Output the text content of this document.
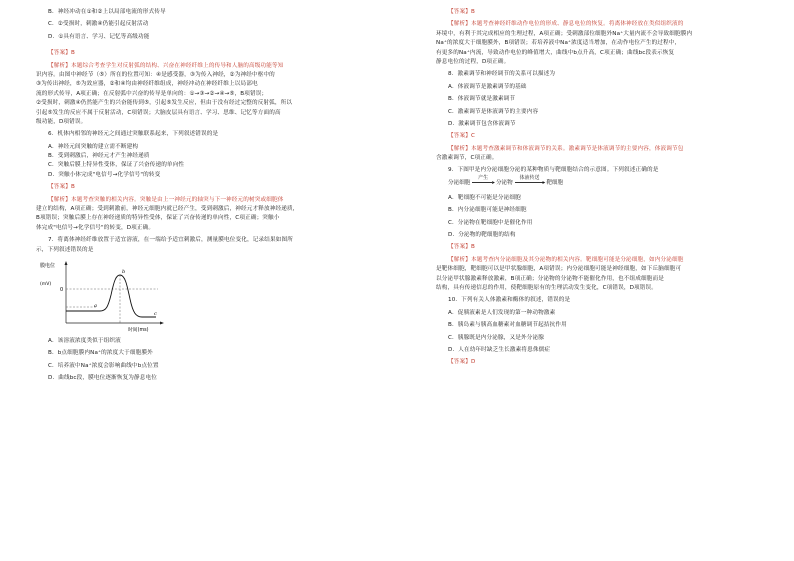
B．神经冲动在①和②上以局部电流的形式传导
C．②受损时，刺激④仍能引起反射活动
D．①具有语言、学习、记忆等高级功能
【答案】B
【解析】本题综合考查学生对反射弧的结构、兴奋在神经纤维上的传导和人脑的高级功能等知
识内容。由图中神经节（⑤）所在的位置可知：④是感受器，③为传入神经，②为神经中枢中的
③为传出神经，⑤为效应器，②和④均由神经纤维组成，神经冲动在神经纤维上以局部电
流的形式传导，A项正确；在反射弧中兴奋的传导是单向的：①→③→②→④→⑤，B项错误；
②受损时，刺激④仍然能产生的兴奋能传到⑤，引起⑤发生反应，但由于没有经过完整的反射弧，所以
引起⑤发生的反应不属于反射活动，C项错误；大脑皮层具有语言、学习、思维、记忆等方面的高
级功能，D项错误。
6．机体内相邻的神经元之间通过突触联系起来，下列叙述错误的是
A．神经元间突触的建立需不断建构
B．受到刺激后，神经元才产生神经递质
C．突触后膜上特异性受体，保证了兴奋传递的单向性
D．突触小体完成"电信号→化学信号"的转变
【答案】B
【解析】本题考查突触的相关内容。突触是由上一神经元的轴突与下一神经元的树突或细胞体
建立的结构，A项正确；受到刺激前，神经元细胞内就已经产生，受到刺激后，神经元才释放神经递质，
B项错误；突触后膜上存在神经递质的特异性受体，保证了兴奋传递的单向性，C项正确；突触小
体完成"电信号→化学信号"的转变，D项正确。
7．将离体神经纤维放置于适宜溶液，在一端给予适宜刺激后，测量膜电位变化，记录结果如图所
示，下列叙述错误的是
膜电位
(mV)
0
a
b
c
时间(ms)
A．该溶液浓度类似于组织液
B．b点细胞膜内Na⁺的浓度大于细胞膜外
C．培养液中Na⁺浓度会影响曲线中b点位置
D．曲线bc段，膜电位逐渐恢复为静息电位
【答案】B
【解析】本题考查神经纤维动作电位的形成、静息电位的恢复。将离体神经放在类似组织液的
环境中，有利于其完成相应的生理过程，A项正确；受刺激部位细胞外Na⁺大量内流不会导致细胞膜内
Na⁺的浓度大于细胞膜外，B项错误；若培养液中Na⁺浓度适当增加，在动作电位产生的过程中，
有更多的Na⁺内流，导致动作电位的峰值增大，曲线中b点升高，C项正确；曲线bc段表示恢复
静息电位的过程，D项正确。
8．激素调节和神经调节的关系可以描述为
A．体液调节是激素调节的基础
B．体液调节就是激素调节
C．激素调节是体液调节的主要内容
D．激素调节包含体液调节
【答案】C
【解析】本题考查激素调节和体液调节的关系。激素调节是体液调节的主要内容，体液调节包
含激素调节，C项正确。
9．下图甲是内分泌细胞分泌的某种物质与靶细胞结合的示意图。下列叙述正确的是
分泌细胞
产生
▸ 分泌物
体液传送
▸ 靶细胞
A．靶细胞不可能是分泌细胞
B．内分泌细胞可能是神经细胞
C．分泌物在靶细胞中是催化作用
D．分泌物的靶细胞的结构
【答案】B
【解析】本题考查内分泌细胞及其分泌物的相关内容。靶细胞可能是分泌细胞，如内分泌细胞
是靶体细胞，靶细胞可以是甲状腺细胞，A项错误；内分泌细胞可能是神经细胞，如下丘脑细胞可
以分泌甲状腺激素释放激素，B项正确；分泌物的分泌物不能催化作用，也不组成细胞而是
结构，具有传递信息的作用，使靶细胞原有的生理活动发生变化，C项错误，D项错误。
10．下列有关人体激素和酶体的叙述，错误的是
A．促胰液素是人们发现的第一种动物激素
B．胰岛素与胰高血糖素对血糖调节起拮抗作用
C．胰腺既是内分泌腺，又是外分泌腺
D．人在幼年时缺乏生长激素将患侏儒症
【答案】D
